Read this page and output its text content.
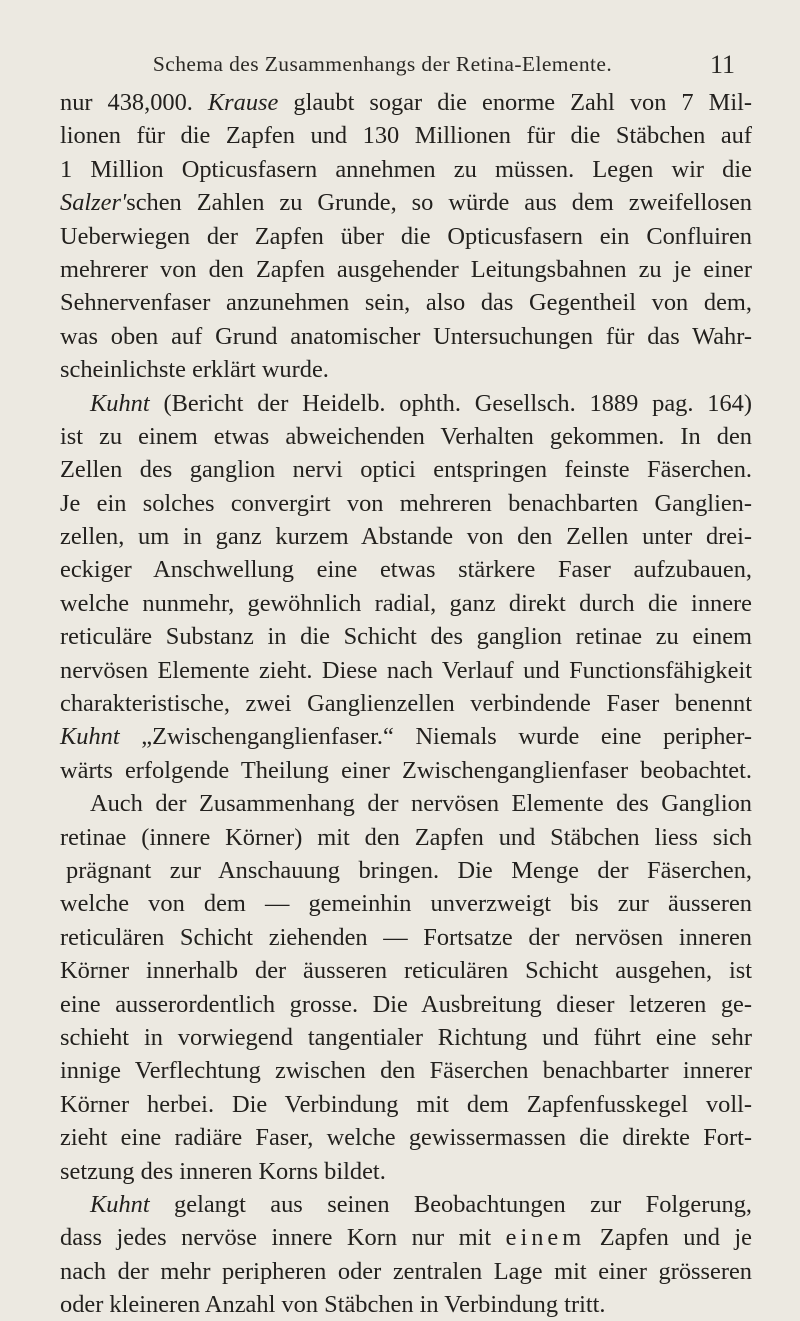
Schema des Zusammenhangs der Retina-Elemente.	11
nur 438,000. Krause glaubt sogar die enorme Zahl von 7 Mil-
lionen für die Zapfen und 130 Millionen für die Stäbchen auf
1 Million Opticusfasern annehmen zu müssen. Legen wir die
Salzer'schen Zahlen zu Grunde, so würde aus dem zweifellosen
Ueberwiegen der Zapfen über die Opticusfasern ein Confluiren
mehrerer von den Zapfen ausgehender Leitungsbahnen zu je einer
Sehnervenfaser anzunehmen sein, also das Gegentheil von dem,
was oben auf Grund anatomischer Untersuchungen für das Wahr-
scheinlichste erklärt wurde.
Kuhnt (Bericht der Heidelb. ophth. Gesellsch. 1889 pag. 164)
ist zu einem etwas abweichenden Verhalten gekommen. In den
Zellen des ganglion nervi optici entspringen feinste Fäserchen.
Je ein solches convergirt von mehreren benachbarten Ganglien-
zellen, um in ganz kurzem Abstande von den Zellen unter drei-
eckiger Anschwellung eine etwas stärkere Faser aufzubauen,
welche nunmehr, gewöhnlich radial, ganz direkt durch die innere
reticuläre Substanz in die Schicht des ganglion retinae zu einem
nervösen Elemente zieht. Diese nach Verlauf und Functionsfähigkeit
charakteristische, zwei Ganglienzellen verbindende Faser benennt
Kuhnt „Zwischenganglienfaser.“ Niemals wurde eine peripher-
wärts erfolgende Theilung einer Zwischenganglienfaser beobachtet.
Auch der Zusammenhang der nervösen Elemente des Ganglion
retinae (innere Körner) mit den Zapfen und Stäbchen liess sich
prägnant zur Anschauung bringen. Die Menge der Fäserchen,
welche von dem — gemeinhin unverzweigt bis zur äusseren
reticulären Schicht ziehenden — Fortsatze der nervösen inneren
Körner innerhalb der äusseren reticulären Schicht ausgehen, ist
eine ausserordentlich grosse. Die Ausbreitung dieser letzeren ge-
schieht in vorwiegend tangentialer Richtung und führt eine sehr
innige Verflechtung zwischen den Fäserchen benachbarter innerer
Körner herbei. Die Verbindung mit dem Zapfenfusskegel voll-
zieht eine radiäre Faser, welche gewissermassen die direkte Fort-
setzung des inneren Korns bildet.
Kuhnt gelangt aus seinen Beobachtungen zur Folgerung,
dass jedes nervöse innere Korn nur mit einem Zapfen und je
nach der mehr peripheren oder zentralen Lage mit einer grösseren
oder kleineren Anzahl von Stäbchen in Verbindung tritt.
